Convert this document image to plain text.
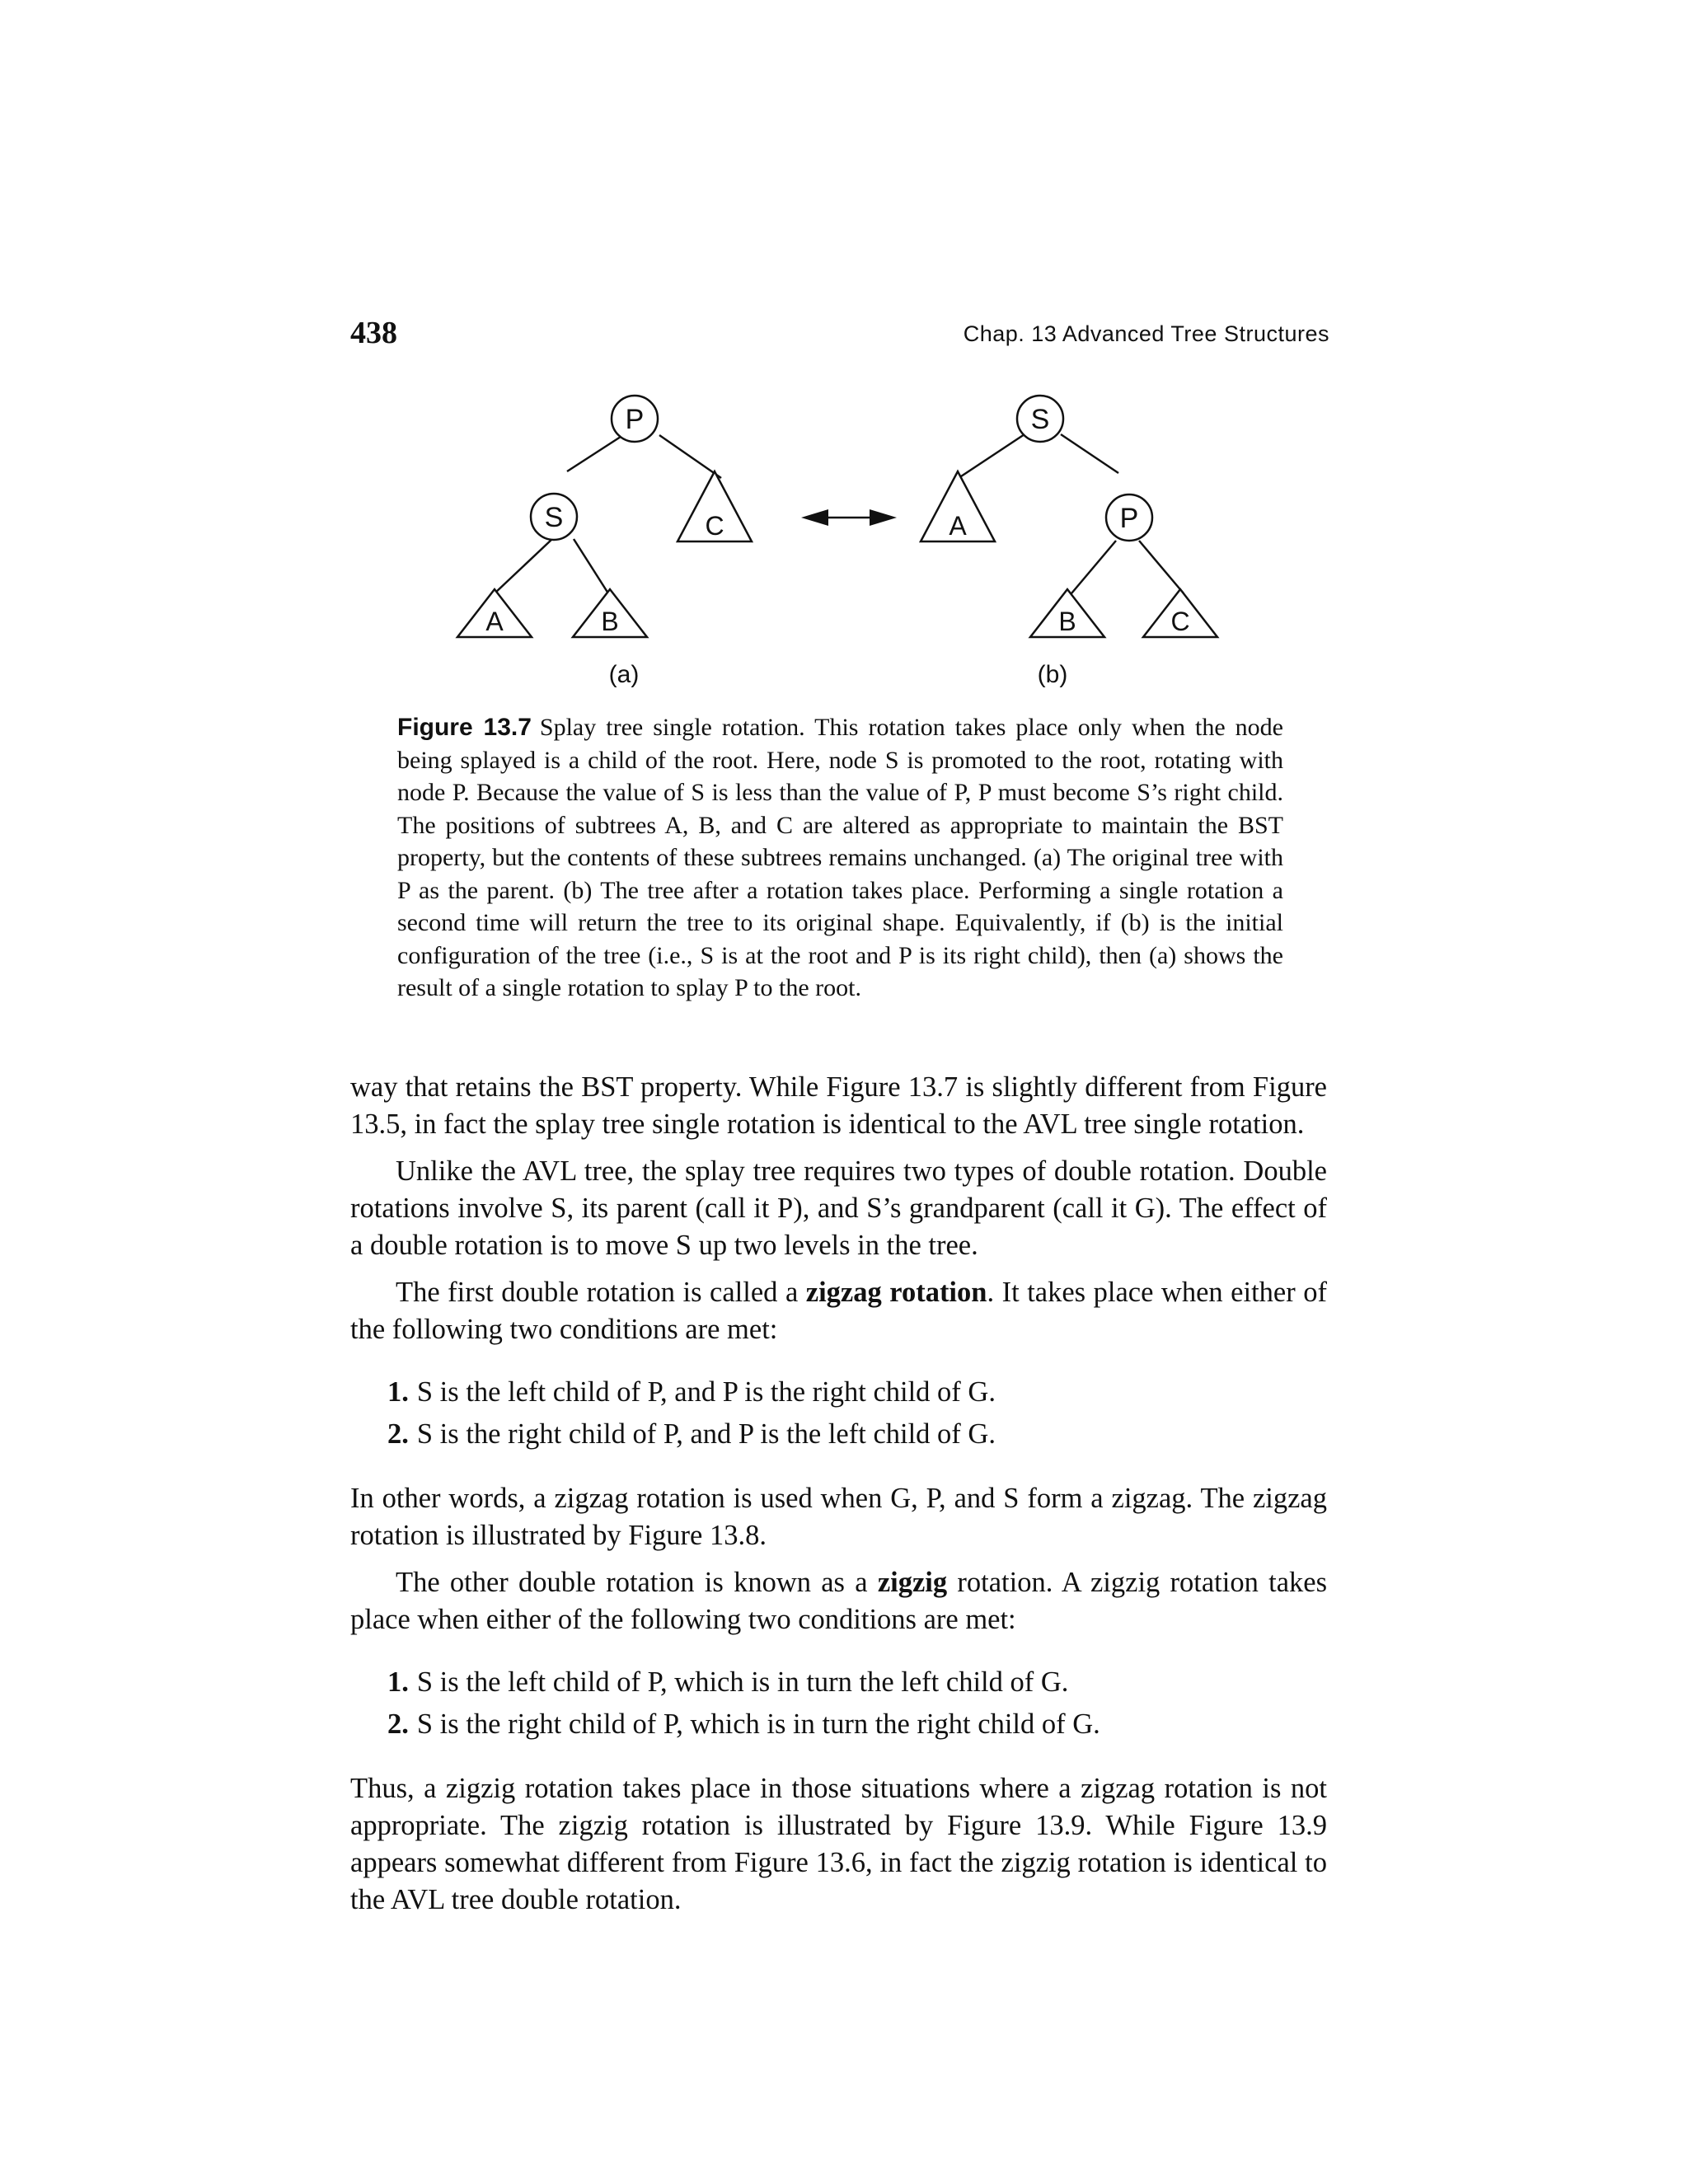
438	Chap. 13 Advanced Tree Structures
P
S	C
A	B
(a)
S
A	P
B	C
(b)
Figure 13.7 Splay tree single rotation. This rotation takes place only when the node being splayed is a child of the root. Here, node S is promoted to the root, rotating with node P. Because the value of S is less than the value of P, P must become S’s right child. The positions of subtrees A, B, and C are altered as appropriate to maintain the BST property, but the contents of these subtrees remains unchanged. (a) The original tree with P as the parent. (b) The tree after a rotation takes place. Performing a single rotation a second time will return the tree to its original shape. Equivalently, if (b) is the initial configuration of the tree (i.e., S is at the root and P is its right child), then (a) shows the result of a single rotation to splay P to the root.

way that retains the BST property. While Figure 13.7 is slightly different from Figure 13.5, in fact the splay tree single rotation is identical to the AVL tree single rotation.

Unlike the AVL tree, the splay tree requires two types of double rotation. Double rotations involve S, its parent (call it P), and S’s grandparent (call it G). The effect of a double rotation is to move S up two levels in the tree.

The first double rotation is called a zigzag rotation. It takes place when either of the following two conditions are met:

1. S is the left child of P, and P is the right child of G.
2. S is the right child of P, and P is the left child of G.

In other words, a zigzag rotation is used when G, P, and S form a zigzag. The zigzag rotation is illustrated by Figure 13.8.

The other double rotation is known as a zigzig rotation. A zigzig rotation takes place when either of the following two conditions are met:

1. S is the left child of P, which is in turn the left child of G.
2. S is the right child of P, which is in turn the right child of G.

Thus, a zigzig rotation takes place in those situations where a zigzag rotation is not appropriate. The zigzig rotation is illustrated by Figure 13.9. While Figure 13.9 appears somewhat different from Figure 13.6, in fact the zigzig rotation is identical to the AVL tree double rotation.
